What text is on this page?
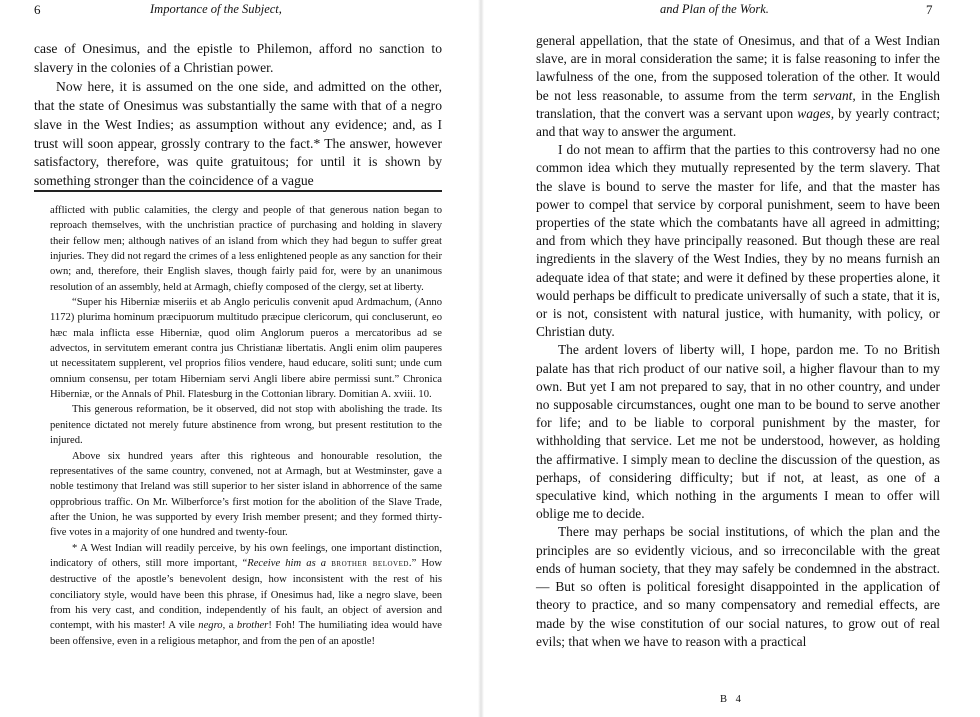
6	Importance of the Subject,

case of Onesimus, and the epistle to Philemon, afford no sanction to slavery in the colonies of a Christian power.

Now here, it is assumed on the one side, and admitted on the other, that the state of Onesimus was substantially the same with that of a negro slave in the West Indies; as assumption without any evidence; and, as I trust will soon appear, grossly contrary to the fact.* The answer, however satisfactory, therefore, was quite gratuitous; for until it is shown by something stronger than the coincidence of a vague

afflicted with public calamities, the clergy and people of that generous nation began to reproach themselves, with the unchristian practice of purchasing and holding in slavery their fellow men; although natives of an island from which they had begun to suffer great injuries. They did not regard the crimes of a less enlightened people as any sanction for their own; and, therefore, their English slaves, though fairly paid for, were by an unanimous resolution of an assembly, held at Armagh, chiefly composed of the clergy, set at liberty.

“Super his Hiberniæ miseriis et ab Anglo periculis convenit apud Ardmachum, (Anno 1172) plurima hominum præcipuorum multitudo præcipue clericorum, qui concluserunt, eo hæc mala inflicta esse Hiberniæ, quod olim Anglorum pueros a mercatoribus ad se advectos, in servitutem emerant contra jus Christianæ libertatis. Angli enim olim pauperes ut necessitatem supplerent, vel proprios filios vendere, haud educare, soliti sunt; unde cum omnium consensu, per totam Hiberniam servi Angli libere abire permissi sunt.” Chronica Hiberniæ, or the Annals of Phil. Flatesburg in the Cottonian library. Domitian A. xviii. 10.

This generous reformation, be it observed, did not stop with abolishing the trade. Its penitence dictated not merely future abstinence from wrong, but present restitution to the injured.

Above six hundred years after this righteous and honourable resolution, the representatives of the same country, convened, not at Armagh, but at Westminster, gave a noble testimony that Ireland was still superior to her sister island in abhorrence of the same opprobrious traffic. On Mr. Wilberforce’s first motion for the abolition of the Slave Trade, after the Union, he was supported by every Irish member present; and they formed thirty-five votes in a majority of one hundred and twenty-four.

* A West Indian will readily perceive, by his own feelings, one important distinction, indicatory of others, still more important, “Receive him as a brother beloved.” How destructive of the apostle’s benevolent design, how inconsistent with the rest of his conciliatory style, would have been this phrase, if Onesimus had, like a negro slave, been from his very cast, and condition, independently of his fault, an object of aversion and contempt, with his master! A vile negro, a brother! Foh! The humiliating idea would have been offensive, even in a religious metaphor, and from the pen of an apostle!

and Plan of the Work.	7

general appellation, that the state of Onesimus, and that of a West Indian slave, are in moral consideration the same; it is false reasoning to infer the lawfulness of the one, from the supposed toleration of the other. It would be not less reasonable, to assume from the term servant, in the English translation, that the convert was a servant upon wages, by yearly contract; and that way to answer the argument.

I do not mean to affirm that the parties to this controversy had no one common idea which they mutually represented by the term slavery. That the slave is bound to serve the master for life, and that the master has power to compel that service by corporal punishment, seem to have been properties of the state which the combatants have all agreed in admitting; and from which they have principally reasoned. But though these are real ingredients in the slavery of the West Indies, they by no means furnish an adequate idea of that state; and were it defined by these properties alone, it would perhaps be difficult to predicate universally of such a state, that it is, or is not, consistent with natural justice, with humanity, with policy, or Christian duty.

The ardent lovers of liberty will, I hope, pardon me. To no British palate has that rich product of our native soil, a higher flavour than to my own. But yet I am not prepared to say, that in no other country, and under no supposable circumstances, ought one man to be bound to serve another for life; and to be liable to corporal punishment by the master, for withholding that service. Let me not be understood, however, as holding the affirmative. I simply mean to decline the discussion of the question, as perhaps, of considering difficulty; but if not, at least, as one of a speculative kind, which nothing in the arguments I mean to offer will oblige me to decide.

There may perhaps be social institutions, of which the plan and the principles are so evidently vicious, and so irreconcilable with the great ends of human society, that they may safely be condemned in the abstract. — But so often is political foresight disappointed in the application of theory to practice, and so many compensatory and remedial effects, are made by the wise constitution of our social natures, to grow out of real evils; that when we have to reason with a practical

B 4
